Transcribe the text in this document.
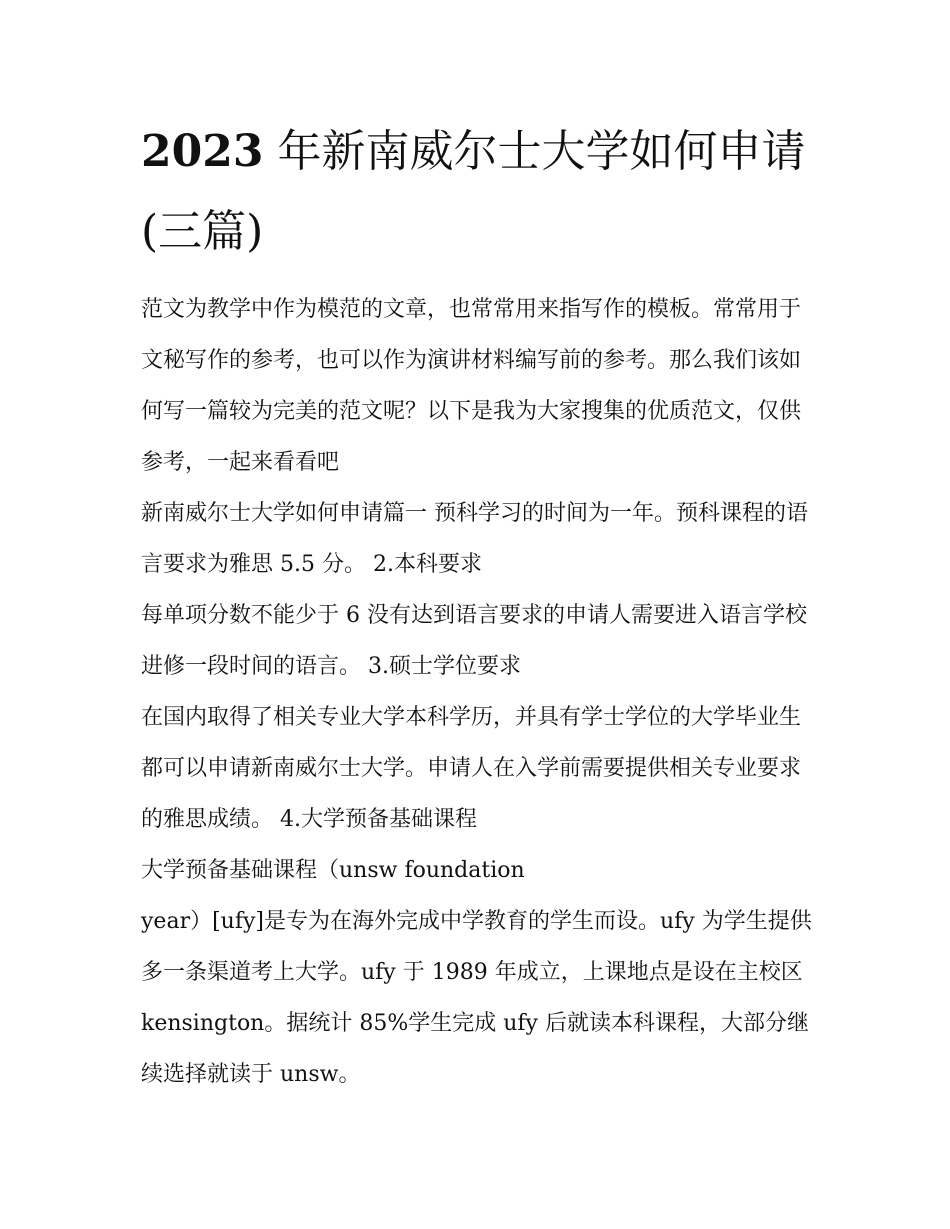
2023 年新南威尔士大学如何申请(三篇)

范文为教学中作为模范的文章，也常常用来指写作的模板。常常用于文秘写作的参考，也可以作为演讲材料编写前的参考。那么我们该如何写一篇较为完美的范文呢？以下是我为大家搜集的优质范文，仅供参考，一起来看看吧

新南威尔士大学如何申请篇一 预科学习的时间为一年。预科课程的语言要求为雅思 5.5 分。 2.本科要求

每单项分数不能少于 6 没有达到语言要求的申请人需要进入语言学校进修一段时间的语言。 3.硕士学位要求

在国内取得了相关专业大学本科学历，并具有学士学位的大学毕业生都可以申请新南威尔士大学。申请人在入学前需要提供相关专业要求的雅思成绩。 4.大学预备基础课程

大学预备基础课程（unsw foundation

year）[ufy]是专为在海外完成中学教育的学生而设。ufy 为学生提供多一条渠道考上大学。ufy 于 1989 年成立，上课地点是设在主校区 kensington。据统计 85%学生完成 ufy 后就读本科课程，大部分继续选择就读于 unsw。
